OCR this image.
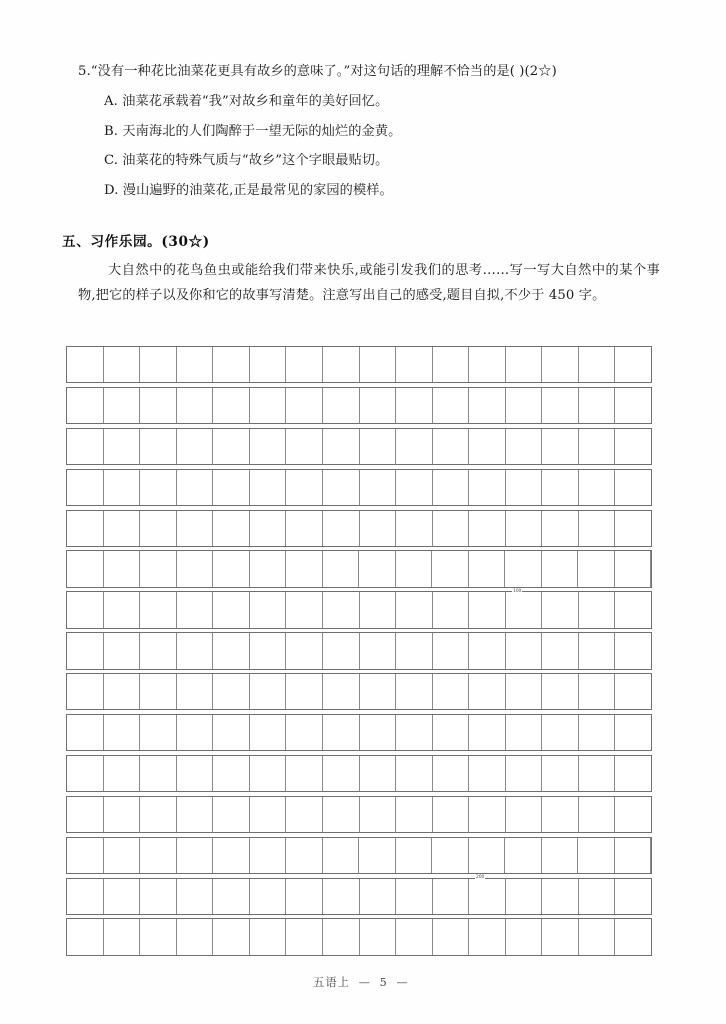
5.“没有一种花比油菜花更具有故乡的意味了。”对这句话的理解不恰当的是( )(2☆)
A. 油菜花承载着“我”对故乡和童年的美好回忆。
B. 天南海北的人们陶醉于一望无际的灿烂的金黄。
C. 油菜花的特殊气质与“故乡”这个字眼最贴切。
D. 漫山遍野的油菜花,正是最常见的家园的模样。
五、习作乐园。(30☆)
大自然中的花鸟鱼虫或能给我们带来快乐,或能引发我们的思考……写一写大自然中的某个事物,把它的样子以及你和它的故事写清楚。注意写出自己的感受,题目自拟,不少于 450 字。
100
200
五语上 — 5 —
